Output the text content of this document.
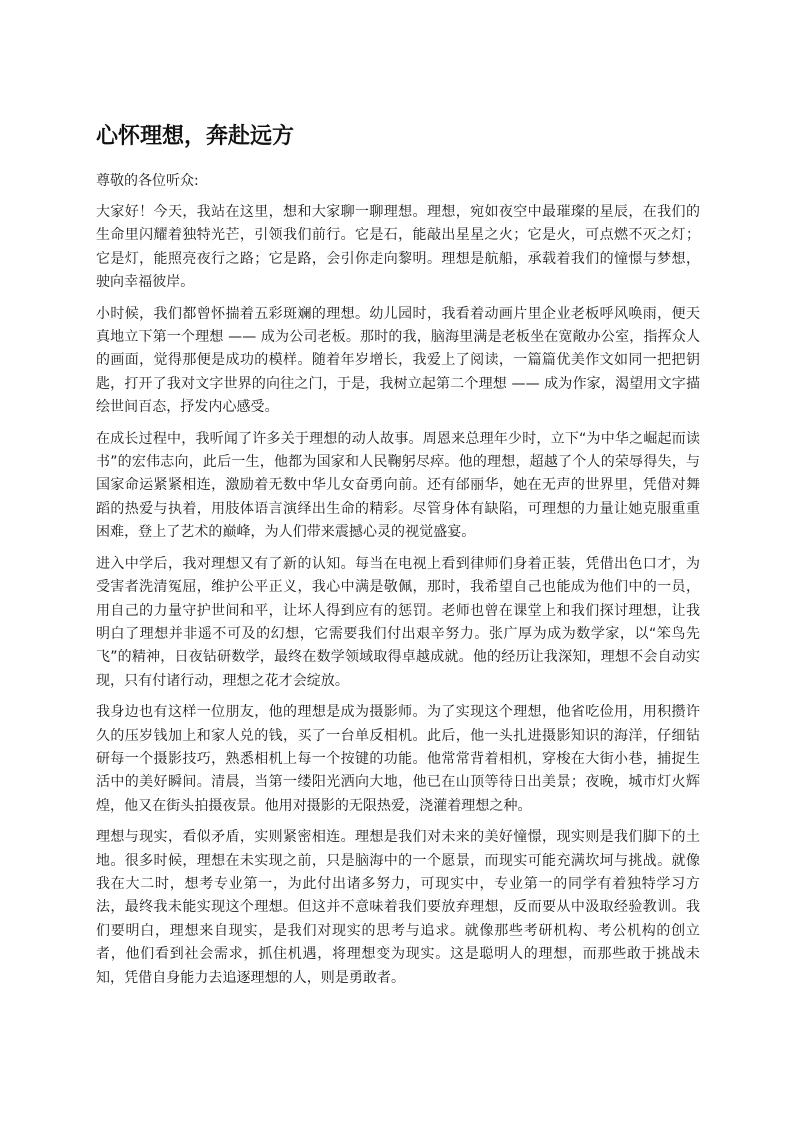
心怀理想，奔赴远方

尊敬的各位听众:

大家好！今天，我站在这里，想和大家聊一聊理想。理想，宛如夜空中最璀璨的星辰，在我们的生命里闪耀着独特光芒，引领我们前行。它是石，能敲出星星之火；它是火，可点燃不灭之灯；它是灯，能照亮夜行之路；它是路，会引你走向黎明。理想是航船，承载着我们的憧憬与梦想，驶向幸福彼岸。

小时候，我们都曾怀揣着五彩斑斓的理想。幼儿园时，我看着动画片里企业老板呼风唤雨，便天真地立下第一个理想 —— 成为公司老板。那时的我，脑海里满是老板坐在宽敞办公室，指挥众人的画面，觉得那便是成功的模样。随着年岁增长，我爱上了阅读，一篇篇优美作文如同一把把钥匙，打开了我对文字世界的向往之门，于是，我树立起第二个理想 —— 成为作家，渴望用文字描绘世间百态，抒发内心感受。

在成长过程中，我听闻了许多关于理想的动人故事。周恩来总理年少时，立下“为中华之崛起而读书”的宏伟志向，此后一生，他都为国家和人民鞠躬尽瘁。他的理想，超越了个人的荣辱得失，与国家命运紧紧相连，激励着无数中华儿女奋勇向前。还有邰丽华，她在无声的世界里，凭借对舞蹈的热爱与执着，用肢体语言演绎出生命的精彩。尽管身体有缺陷，可理想的力量让她克服重重困难，登上了艺术的巅峰，为人们带来震撼心灵的视觉盛宴。

进入中学后，我对理想又有了新的认知。每当在电视上看到律师们身着正装，凭借出色口才，为受害者洗清冤屈，维护公平正义，我心中满是敬佩，那时，我希望自己也能成为他们中的一员，用自己的力量守护世间和平，让坏人得到应有的惩罚。老师也曾在课堂上和我们探讨理想，让我明白了理想并非遥不可及的幻想，它需要我们付出艰辛努力。张广厚为成为数学家，以“笨鸟先飞”的精神，日夜钻研数学，最终在数学领域取得卓越成就。他的经历让我深知，理想不会自动实现，只有付诸行动，理想之花才会绽放。

我身边也有这样一位朋友，他的理想是成为摄影师。为了实现这个理想，他省吃俭用，用积攒许久的压岁钱加上和家人兑的钱，买了一台单反相机。此后，他一头扎进摄影知识的海洋，仔细钻研每一个摄影技巧，熟悉相机上每一个按键的功能。他常常背着相机，穿梭在大街小巷，捕捉生活中的美好瞬间。清晨，当第一缕阳光洒向大地，他已在山顶等待日出美景；夜晚，城市灯火辉煌，他又在街头拍摄夜景。他用对摄影的无限热爱，浇灌着理想之种。

理想与现实，看似矛盾，实则紧密相连。理想是我们对未来的美好憧憬，现实则是我们脚下的土地。很多时候，理想在未实现之前，只是脑海中的一个愿景，而现实可能充满坎坷与挑战。就像我在大二时，想考专业第一，为此付出诸多努力，可现实中，专业第一的同学有着独特学习方法，最终我未能实现这个理想。但这并不意味着我们要放弃理想，反而要从中汲取经验教训。我们要明白，理想来自现实，是我们对现实的思考与追求。就像那些考研机构、考公机构的创立者，他们看到社会需求，抓住机遇，将理想变为现实。这是聪明人的理想，而那些敢于挑战未知，凭借自身能力去追逐理想的人，则是勇敢者。
